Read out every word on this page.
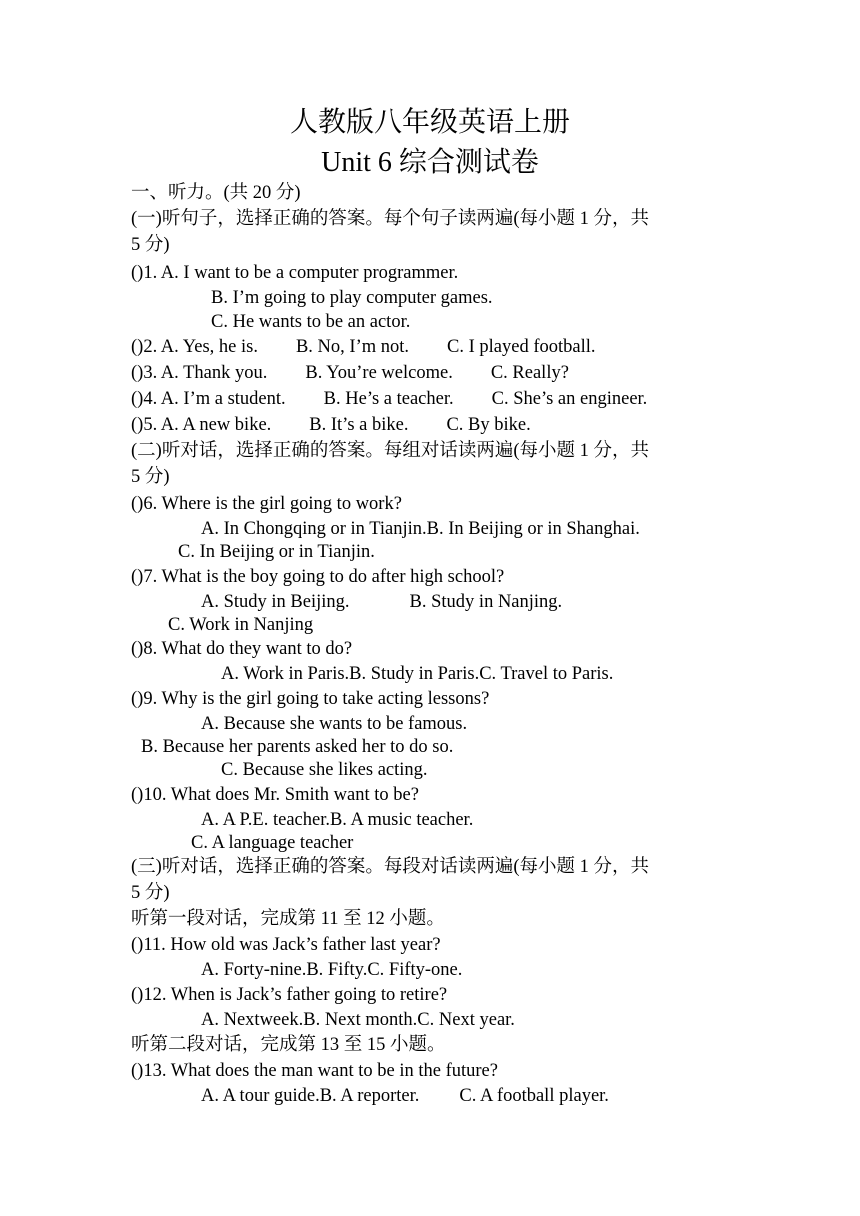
人教版八年级英语上册
Unit 6 综合测试卷

一、听力。(共 20 分)

(一)听句子，选择正确的答案。每个句子读两遍(每小题 1 分，共

5 分)

()1. A. I want to be a computer programmer.

B. I’m going to play computer games.

C. He wants to be an actor.

()2. A. Yes, he is. B. No, I’m not. C. I played football.

()3. A. Thank you. B. You’re welcome. C. Really?

()4. A. I’m a student. B. He’s a teacher. C. She’s an engineer.

()5. A. A new bike. B. It’s a bike. C. By bike.

(二)听对话，选择正确的答案。每组对话读两遍(每小题 1 分，共

5 分)

()6. Where is the girl going to work?

A. In Chongqing or in Tianjin.B. In Beijing or in Shanghai.

C. In Beijing or in Tianjin.

()7. What is the boy going to do after high school?

A. Study in Beijing.	B. Study in Nanjing.

C. Work in Nanjing

()8. What do they want to do?

A. Work in Paris.B. Study in Paris.C. Travel to Paris.

()9. Why is the girl going to take acting lessons?

A. Because she wants to be famous.

B. Because her parents asked her to do so.

C. Because she likes acting.

()10. What does Mr. Smith want to be?

A. A P.E. teacher.B. A music teacher.

C. A language teacher

(三)听对话，选择正确的答案。每段对话读两遍(每小题 1 分，共

5 分)

听第一段对话，完成第 11 至 12 小题。

()11. How old was Jack’s father last year?

A. Forty-nine.B. Fifty.C. Fifty-one.

()12. When is Jack’s father going to retire?

A. Nextweek.B. Next month.C. Next year.

听第二段对话，完成第 13 至 15 小题。

()13. What does the man want to be in the future?

A. A tour guide.B. A reporter. C. A football player.
